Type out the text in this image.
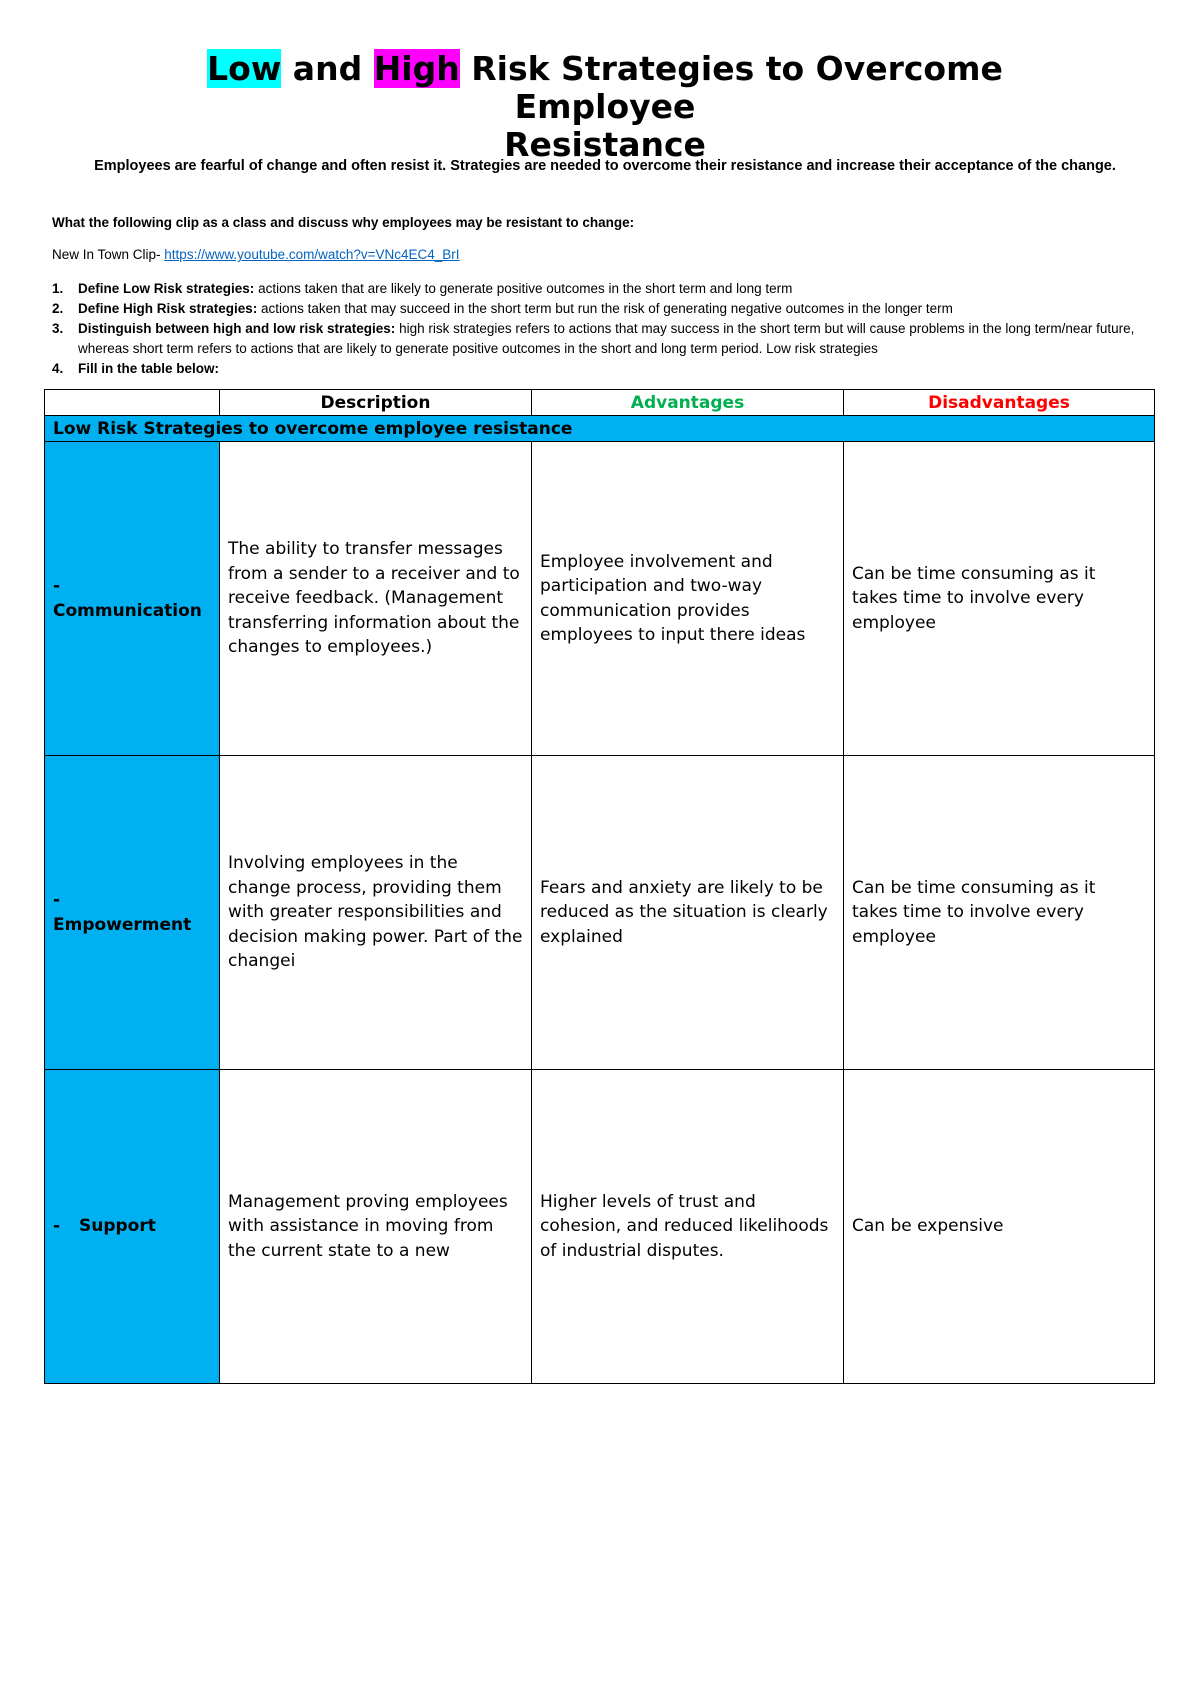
Low and High Risk Strategies to Overcome Employee
Resistance
Employees are fearful of change and often resist it. Strategies are needed to overcome their resistance and increase their acceptance of the change.
What the following clip as a class and discuss why employees may be resistant to change:
New In Town Clip- https://www.youtube.com/watch?v=VNc4EC4_BrI
1. Define Low Risk strategies: actions taken that are likely to generate positive outcomes in the short term and long term
2. Define High Risk strategies: actions taken that may succeed in the short term but run the risk of generating negative outcomes in the longer term
3. Distinguish between high and low risk strategies: high risk strategies refers to actions that may success in the short term but will cause problems in the long term/near future, whereas short term refers to actions that are likely to generate positive outcomes in the short and long term period. Low risk strategies
4. Fill in the table below:
	Description	Advantages	Disadvantages
Low Risk Strategies to overcome employee resistance			
-Communication	The ability to transfer messages from a sender to a receiver and to receive feedback. (Management transferring information about the changes to employees.)	Employee involvement and participation and two-way communication provides employees to input there ideas	Can be time consuming as it takes time to involve every employee
-Empowerment	Involving employees in the change process, providing them with greater responsibilities and decision making power. Part of the changei	Fears and anxiety are likely to be reduced as the situation is clearly explained	Can be time consuming as it takes time to involve every employee
- Support	Management proving employees with assistance in moving from the current state to a new	Higher levels of trust and cohesion, and reduced likelihoods of industrial disputes.	Can be expensive
